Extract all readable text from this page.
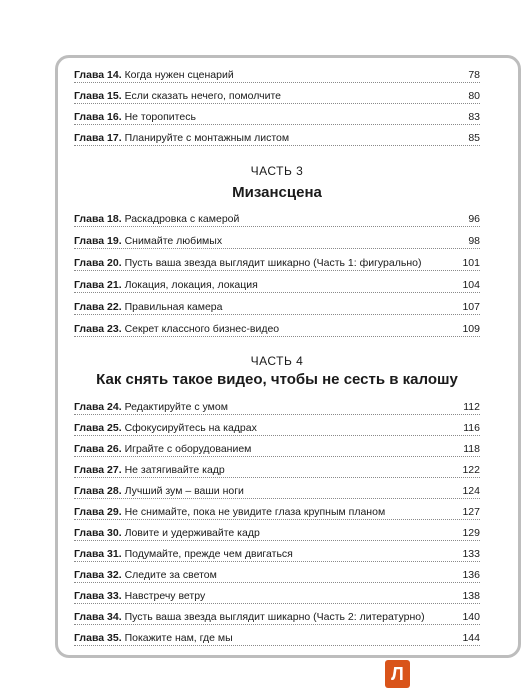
Глава 14. Когда нужен сценарий	78
Глава 15. Если сказать нечего, помолчите	80
Глава 16. Не торопитесь	83
Глава 17. Планируйте с монтажным листом	85
ЧАСТЬ 3
Мизансцена
Глава 18. Раскадровка с камерой	96
Глава 19. Снимайте любимых	98
Глава 20. Пусть ваша звезда выглядит шикарно (Часть 1: фигурально)	101
Глава 21. Локация, локация, локация	104
Глава 22. Правильная камера	107
Глава 23. Секрет классного бизнес-видео	109
ЧАСТЬ 4
Как снять такое видео, чтобы не сесть в калошу
Глава 24. Редактируйте с умом	112
Глава 25. Сфокусируйтесь на кадрах	116
Глава 26. Играйте с оборудованием	118
Глава 27. Не затягивайте кадр	122
Глава 28. Лучший зум – ваши ноги	124
Глава 29. Не снимайте, пока не увидите глаза крупным планом	127
Глава 30. Ловите и удерживайте кадр	129
Глава 31. Подумайте, прежде чем двигаться	133
Глава 32. Следите за светом	136
Глава 33. Навстречу ветру	138
Глава 34. Пусть ваша звезда выглядит шикарно (Часть 2: литературно)	140
Глава 35. Покажите нам, где мы	144
Л
